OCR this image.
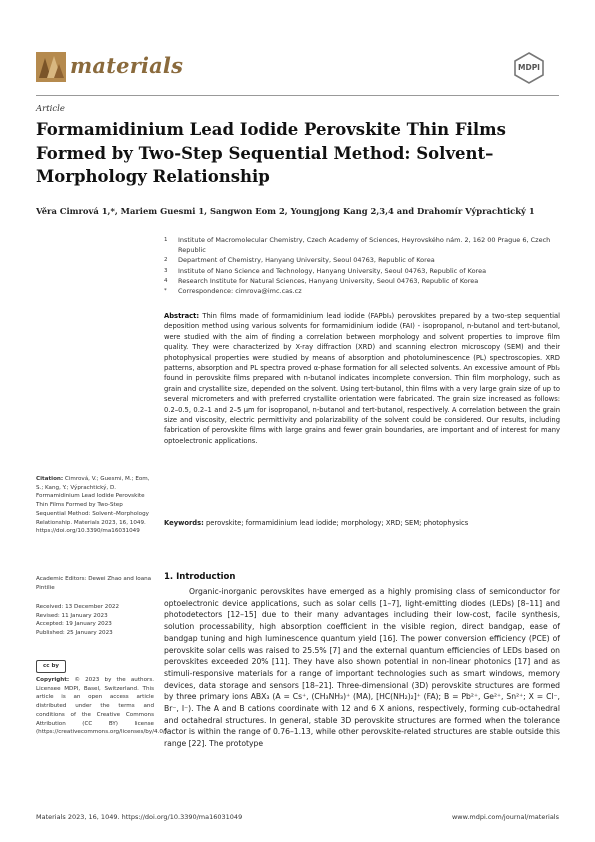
materials	MDPI
Article
Formamidinium Lead Iodide Perovskite Thin Films Formed by Two-Step Sequential Method: Solvent–Morphology Relationship
Věra Cimrová 1,*, Mariem Guesmi 1, Sangwon Eom 2, Youngjong Kang 2,3,4 and Drahomír Výprachtický 1
1 Institute of Macromolecular Chemistry, Czech Academy of Sciences, Heyrovského nám. 2, 162 00 Prague 6, Czech Republic
2 Department of Chemistry, Hanyang University, Seoul 04763, Republic of Korea
3 Institute of Nano Science and Technology, Hanyang University, Seoul 04763, Republic of Korea
4 Research Institute for Natural Sciences, Hanyang University, Seoul 04763, Republic of Korea
* Correspondence: cimrova@imc.cas.cz
Abstract: Thin films made of formamidinium lead iodide (FAPbI₃) perovskites prepared by a two-step sequential deposition method using various solvents for formamidinium iodide (FAI) - isopropanol, n-butanol and tert-butanol, were studied with the aim of finding a correlation between morphology and solvent properties to improve film quality. They were characterized by X-ray diffraction (XRD) and scanning electron microscopy (SEM) and their photophysical properties were studied by means of absorption and photoluminescence (PL) spectroscopies. XRD patterns, absorption and PL spectra proved α-phase formation for all selected solvents. An excessive amount of PbI₂ found in perovskite films prepared with n-butanol indicates incomplete conversion. Thin film morphology, such as grain and crystallite size, depended on the solvent. Using tert-butanol, thin films with a very large grain size of up to several micrometers and with preferred crystallite orientation were fabricated. The grain size increased as follows: 0.2–0.5, 0.2–1 and 2–5 µm for isopropanol, n-butanol and tert-butanol, respectively. A correlation between the grain size and viscosity, electric permittivity and polarizability of the solvent could be considered. Our results, including fabrication of perovskite films with large grains and fewer grain boundaries, are important and of interest for many optoelectronic applications.
Keywords: perovskite; formamidinium lead iodide; morphology; XRD; SEM; photophysics
Citation: Cimrová, V.; Guesmi, M.; Eom, S.; Kang, Y.; Výprachtický, D. Formamidinium Lead Iodide Perovskite Thin Films Formed by Two-Step Sequential Method: Solvent–Morphology Relationship. Materials 2023, 16, 1049. https://doi.org/10.3390/ma16031049
Academic Editors: Dewei Zhao and Ioana Pintilie
Received: 13 December 2022
Revised: 11 January 2023
Accepted: 19 January 2023
Published: 25 January 2023
cc by
Copyright: © 2023 by the authors. Licensee MDPI, Basel, Switzerland. This article is an open access article distributed under the terms and conditions of the Creative Commons Attribution (CC BY) license (https://creativecommons.org/licenses/by/4.0/).
1. Introduction
Organic-inorganic perovskites have emerged as a highly promising class of semiconductor for optoelectronic device applications, such as solar cells [1–7], light-emitting diodes (LEDs) [8–11] and photodetectors [12–15] due to their many advantages including their low-cost, facile synthesis, solution processability, high absorption coefficient in the visible region, direct bandgap, ease of bandgap tuning and high luminescence quantum yield [16]. The power conversion efficiency (PCE) of perovskite solar cells was raised to 25.5% [7] and the external quantum efficiencies of LEDs based on perovskites exceeded 20% [11]. They have also shown potential in non-linear photonics [17] and as stimuli-responsive materials for a range of important technologies such as smart windows, memory devices, data storage and sensors [18–21]. Three-dimensional (3D) perovskite structures are formed by three primary ions ABX₃ (A = Cs⁺, (CH₃NH₃)⁺ (MA), [HC(NH₂)₂]⁺ (FA); B = Pb²⁺, Ge²⁺, Sn²⁺; X = Cl⁻, Br⁻, I⁻). The A and B cations coordinate with 12 and 6 X anions, respectively, forming cub-octahedral and octahedral structures. In general, stable 3D perovskite structures are formed when the tolerance factor is within the range of 0.76–1.13, while other perovskite-related structures are stable outside this range [22]. The prototype
Materials 2023, 16, 1049. https://doi.org/10.3390/ma16031049	www.mdpi.com/journal/materials
